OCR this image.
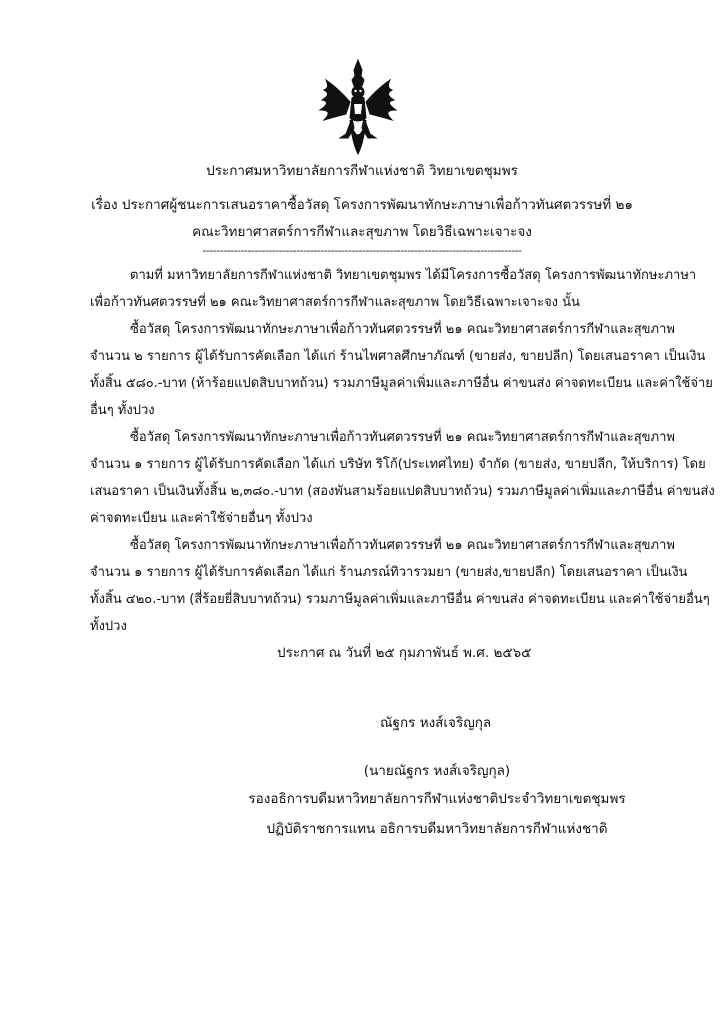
ประกาศมหาวิทยาลัยการกีฬาแห่งชาติ วิทยาเขตชุมพร
เรื่อง ประกาศผู้ชนะการเสนอราคาซื้อวัสดุ โครงการพัฒนาทักษะภาษาเพื่อก้าวทันศตวรรษที่ ๒๑
คณะวิทยาศาสตร์การกีฬาและสุขภาพ โดยวิธีเฉพาะเจาะจง
--------------------------------------------------------------------------------------------
ตามที่ มหาวิทยาลัยการกีฬาแห่งชาติ วิทยาเขตชุมพร ได้มีโครงการซื้อวัสดุ โครงการพัฒนาทักษะภาษา
เพื่อก้าวทันศตวรรษที่ ๒๑ คณะวิทยาศาสตร์การกีฬาและสุขภาพ โดยวิธีเฉพาะเจาะจง นั้น
ซื้อวัสดุ โครงการพัฒนาทักษะภาษาเพื่อก้าวทันศตวรรษที่ ๒๑ คณะวิทยาศาสตร์การกีฬาและสุขภาพ
จำนวน ๒ รายการ ผู้ได้รับการคัดเลือก ได้แก่ ร้านไพศาลศึกษาภัณฑ์ (ขายส่ง, ขายปลีก) โดยเสนอราคา เป็นเงิน
ทั้งสิ้น ๕๘๐.-บาท (ห้าร้อยแปดสิบบาทถ้วน) รวมภาษีมูลค่าเพิ่มและภาษีอื่น ค่าขนส่ง ค่าจดทะเบียน และค่าใช้จ่าย
อื่นๆ ทั้งปวง
ซื้อวัสดุ โครงการพัฒนาทักษะภาษาเพื่อก้าวทันศตวรรษที่ ๒๑ คณะวิทยาศาสตร์การกีฬาและสุขภาพ
จำนวน ๑ รายการ ผู้ได้รับการคัดเลือก ได้แก่ บริษัท ริโก้(ประเทศไทย) จำกัด (ขายส่ง, ขายปลีก, ให้บริการ) โดย
เสนอราคา เป็นเงินทั้งสิ้น ๒,๓๘๐.-บาท (สองพันสามร้อยแปดสิบบาทถ้วน) รวมภาษีมูลค่าเพิ่มและภาษีอื่น ค่าขนส่ง
ค่าจดทะเบียน และค่าใช้จ่ายอื่นๆ ทั้งปวง
ซื้อวัสดุ โครงการพัฒนาทักษะภาษาเพื่อก้าวทันศตวรรษที่ ๒๑ คณะวิทยาศาสตร์การกีฬาและสุขภาพ
จำนวน ๑ รายการ ผู้ได้รับการคัดเลือก ได้แก่ ร้านภรณ์ทิวารวมยา (ขายส่ง,ขายปลีก) โดยเสนอราคา เป็นเงิน
ทั้งสิ้น ๔๒๐.-บาท (สี่ร้อยยี่สิบบาทถ้วน) รวมภาษีมูลค่าเพิ่มและภาษีอื่น ค่าขนส่ง ค่าจดทะเบียน และค่าใช้จ่ายอื่นๆ
ทั้งปวง
ประกาศ ณ วันที่ ๒๕ กุมภาพันธ์ พ.ศ. ๒๕๖๕
ณัฐกร หงส์เจริญกุล
(นายณัฐกร หงส์เจริญกุล)
รองอธิการบดีมหาวิทยาลัยการกีฬาแห่งชาติประจำวิทยาเขตชุมพร
ปฏิบัติราชการแทน อธิการบดีมหาวิทยาลัยการกีฬาแห่งชาติ
